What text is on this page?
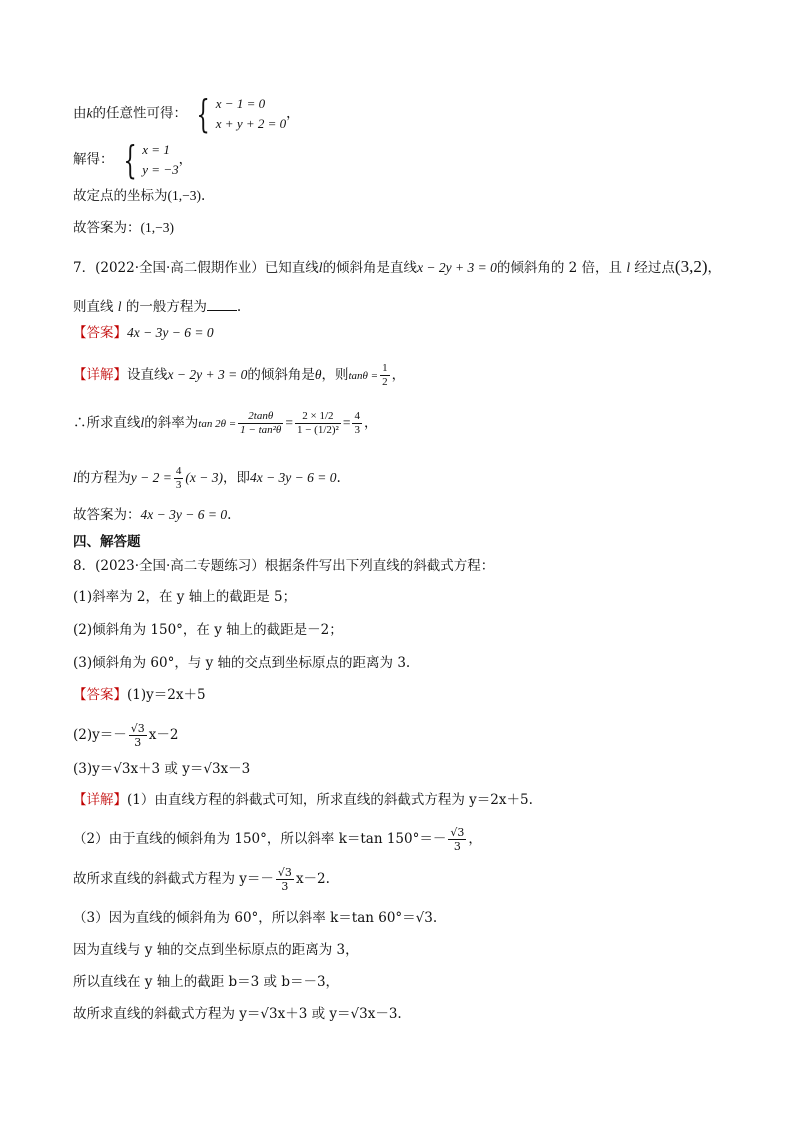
由k的任意性可得： { x − 1 = 0
x + y + 2 = 0
，
解得： { x = 1
y = −3
，
故定点的坐标为(1,−3).
故答案为：(1,−3)
7．(2022·全国·高二假期作业）已知直线l的倾斜角是直线x − 2y + 3 = 0的倾斜角的 2 倍，且 l 经过点(3,2)，
则直线 l 的一般方程为 .
【答案】4x − 3y − 6 = 0
【详解】设直线x − 2y + 3 = 0的倾斜角是θ，则$\tan\theta = \frac{1}{2}$ ，
∴所求直线l的斜率为$\tan 2\theta = \frac{2\tan\theta}{\text{1 − tan²θ}} = \frac{2 \times 1/2}{\text{1 − (1/2)²}} = \frac{4}{3}$ ，
l的方程为$y - 2 = \frac{4}{3} (x - 3)$，即4x − 3y − 6 = 0.
故答案为：4x − 3y − 6 = 0.
四、解答题
8．(2023·全国·高二专题练习）根据条件写出下列直线的斜截式方程：
(1)斜率为 2，在 y 轴上的截距是 5；
(2)倾斜角为 150°，在 y 轴上的截距是－2；
(3)倾斜角为 60°，与 y 轴的交点到坐标原点的距离为 3.
【答案】(1)y＝2x＋5
$(2)y=- \frac{√3}{3} x-2$
(3)y＝√3x＋3 或 y＝√3x－3
【详解】(1）由直线方程的斜截式可知，所求直线的斜截式方程为 y＝2x＋5.
（2）由于直线的倾斜角为 150°，所以斜率 k＝tan $150^\circ=- \frac{√3}{3}$ ，
故所求直线的斜截式方程为 $y=- \frac{√3}{3} x-2$.
（3）因为直线的倾斜角为 60°，所以斜率 k＝tan 60°＝√3.
因为直线与 y 轴的交点到坐标原点的距离为 3，
所以直线在 y 轴上的截距 b＝3 或 b＝－3，
故所求直线的斜截式方程为 y＝√3x＋3 或 y＝√3x－3.
